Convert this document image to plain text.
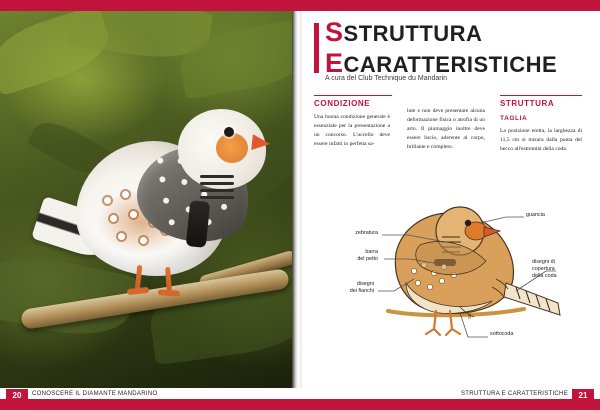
SSTRUTTURA
ECARATTERISTICHE
A cura del Club Technique du Mandarin
CONDIZIONE	STRUTTURA
TAGLIA
Una buona condizione generale è essenziale per la presentazione a un concorso. L'uccello deve essere infatti in perfetta sa-
lute e non deve presentare alcuna deformazione fisica o atrofia di un arto. Il piumaggio inoltre deve essere liscio, aderente al corpo, brillante e completo.
La posizione eretta, la larghezza di 11,5 cm si misura dalla punta del becco all'estremità della coda.
#
guancia
disegni di
copertura
della coda
zebratura
barra
del petto
disegni
dei fianchi
sottocoda
20	CONOSCERE IL DIAMANTE MANDARINO	STRUTTURA E CARATTERISTICHE	21
